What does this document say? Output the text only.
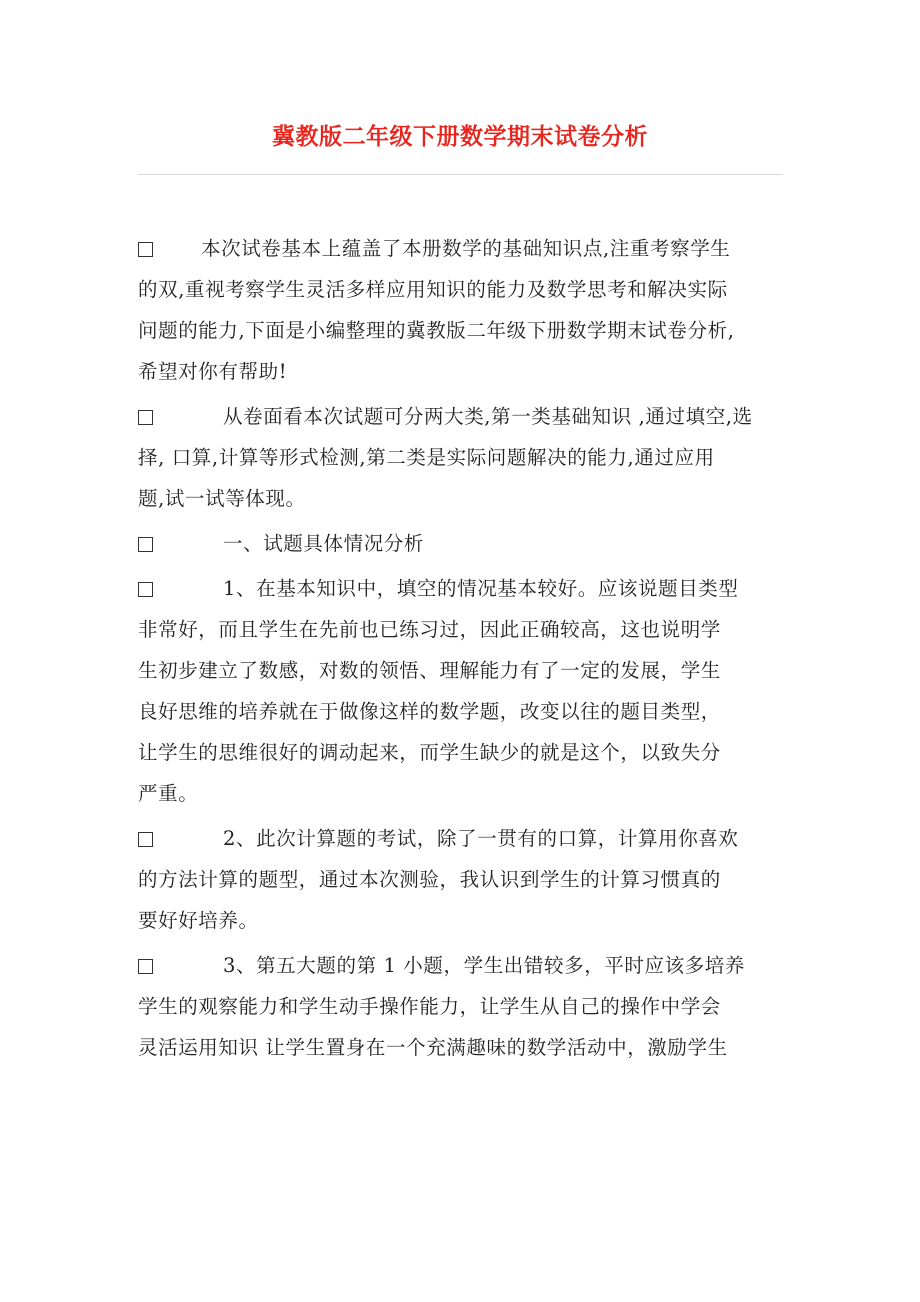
冀教版二年级下册数学期末试卷分析
本次试卷基本上蕴盖了本册数学的基础知识点,注重考察学生
的双,重视考察学生灵活多样应用知识的能力及数学思考和解决实际
问题的能力,下面是小编整理的冀教版二年级下册数学期末试卷分析,
希望对你有帮助!
从卷面看本次试题可分两大类,第一类基础知识 ,通过填空,选
择, 口算,计算等形式检测,第二类是实际问题解决的能力,通过应用
题,试一试等体现。
一、试题具体情况分析
1、在基本知识中，填空的情况基本较好。应该说题目类型
非常好，而且学生在先前也已练习过，因此正确较高，这也说明学
生初步建立了数感，对数的领悟、理解能力有了一定的发展，学生
良好思维的培养就在于做像这样的数学题，改变以往的题目类型，
让学生的思维很好的调动起来，而学生缺少的就是这个，以致失分
严重。
2、此次计算题的考试，除了一贯有的口算，计算用你喜欢
的方法计算的题型，通过本次测验，我认识到学生的计算习惯真的
要好好培养。
3、第五大题的第 1 小题，学生出错较多，平时应该多培养
学生的观察能力和学生动手操作能力，让学生从自己的操作中学会
灵活运用知识 让学生置身在一个充满趣味的数学活动中，激励学生
